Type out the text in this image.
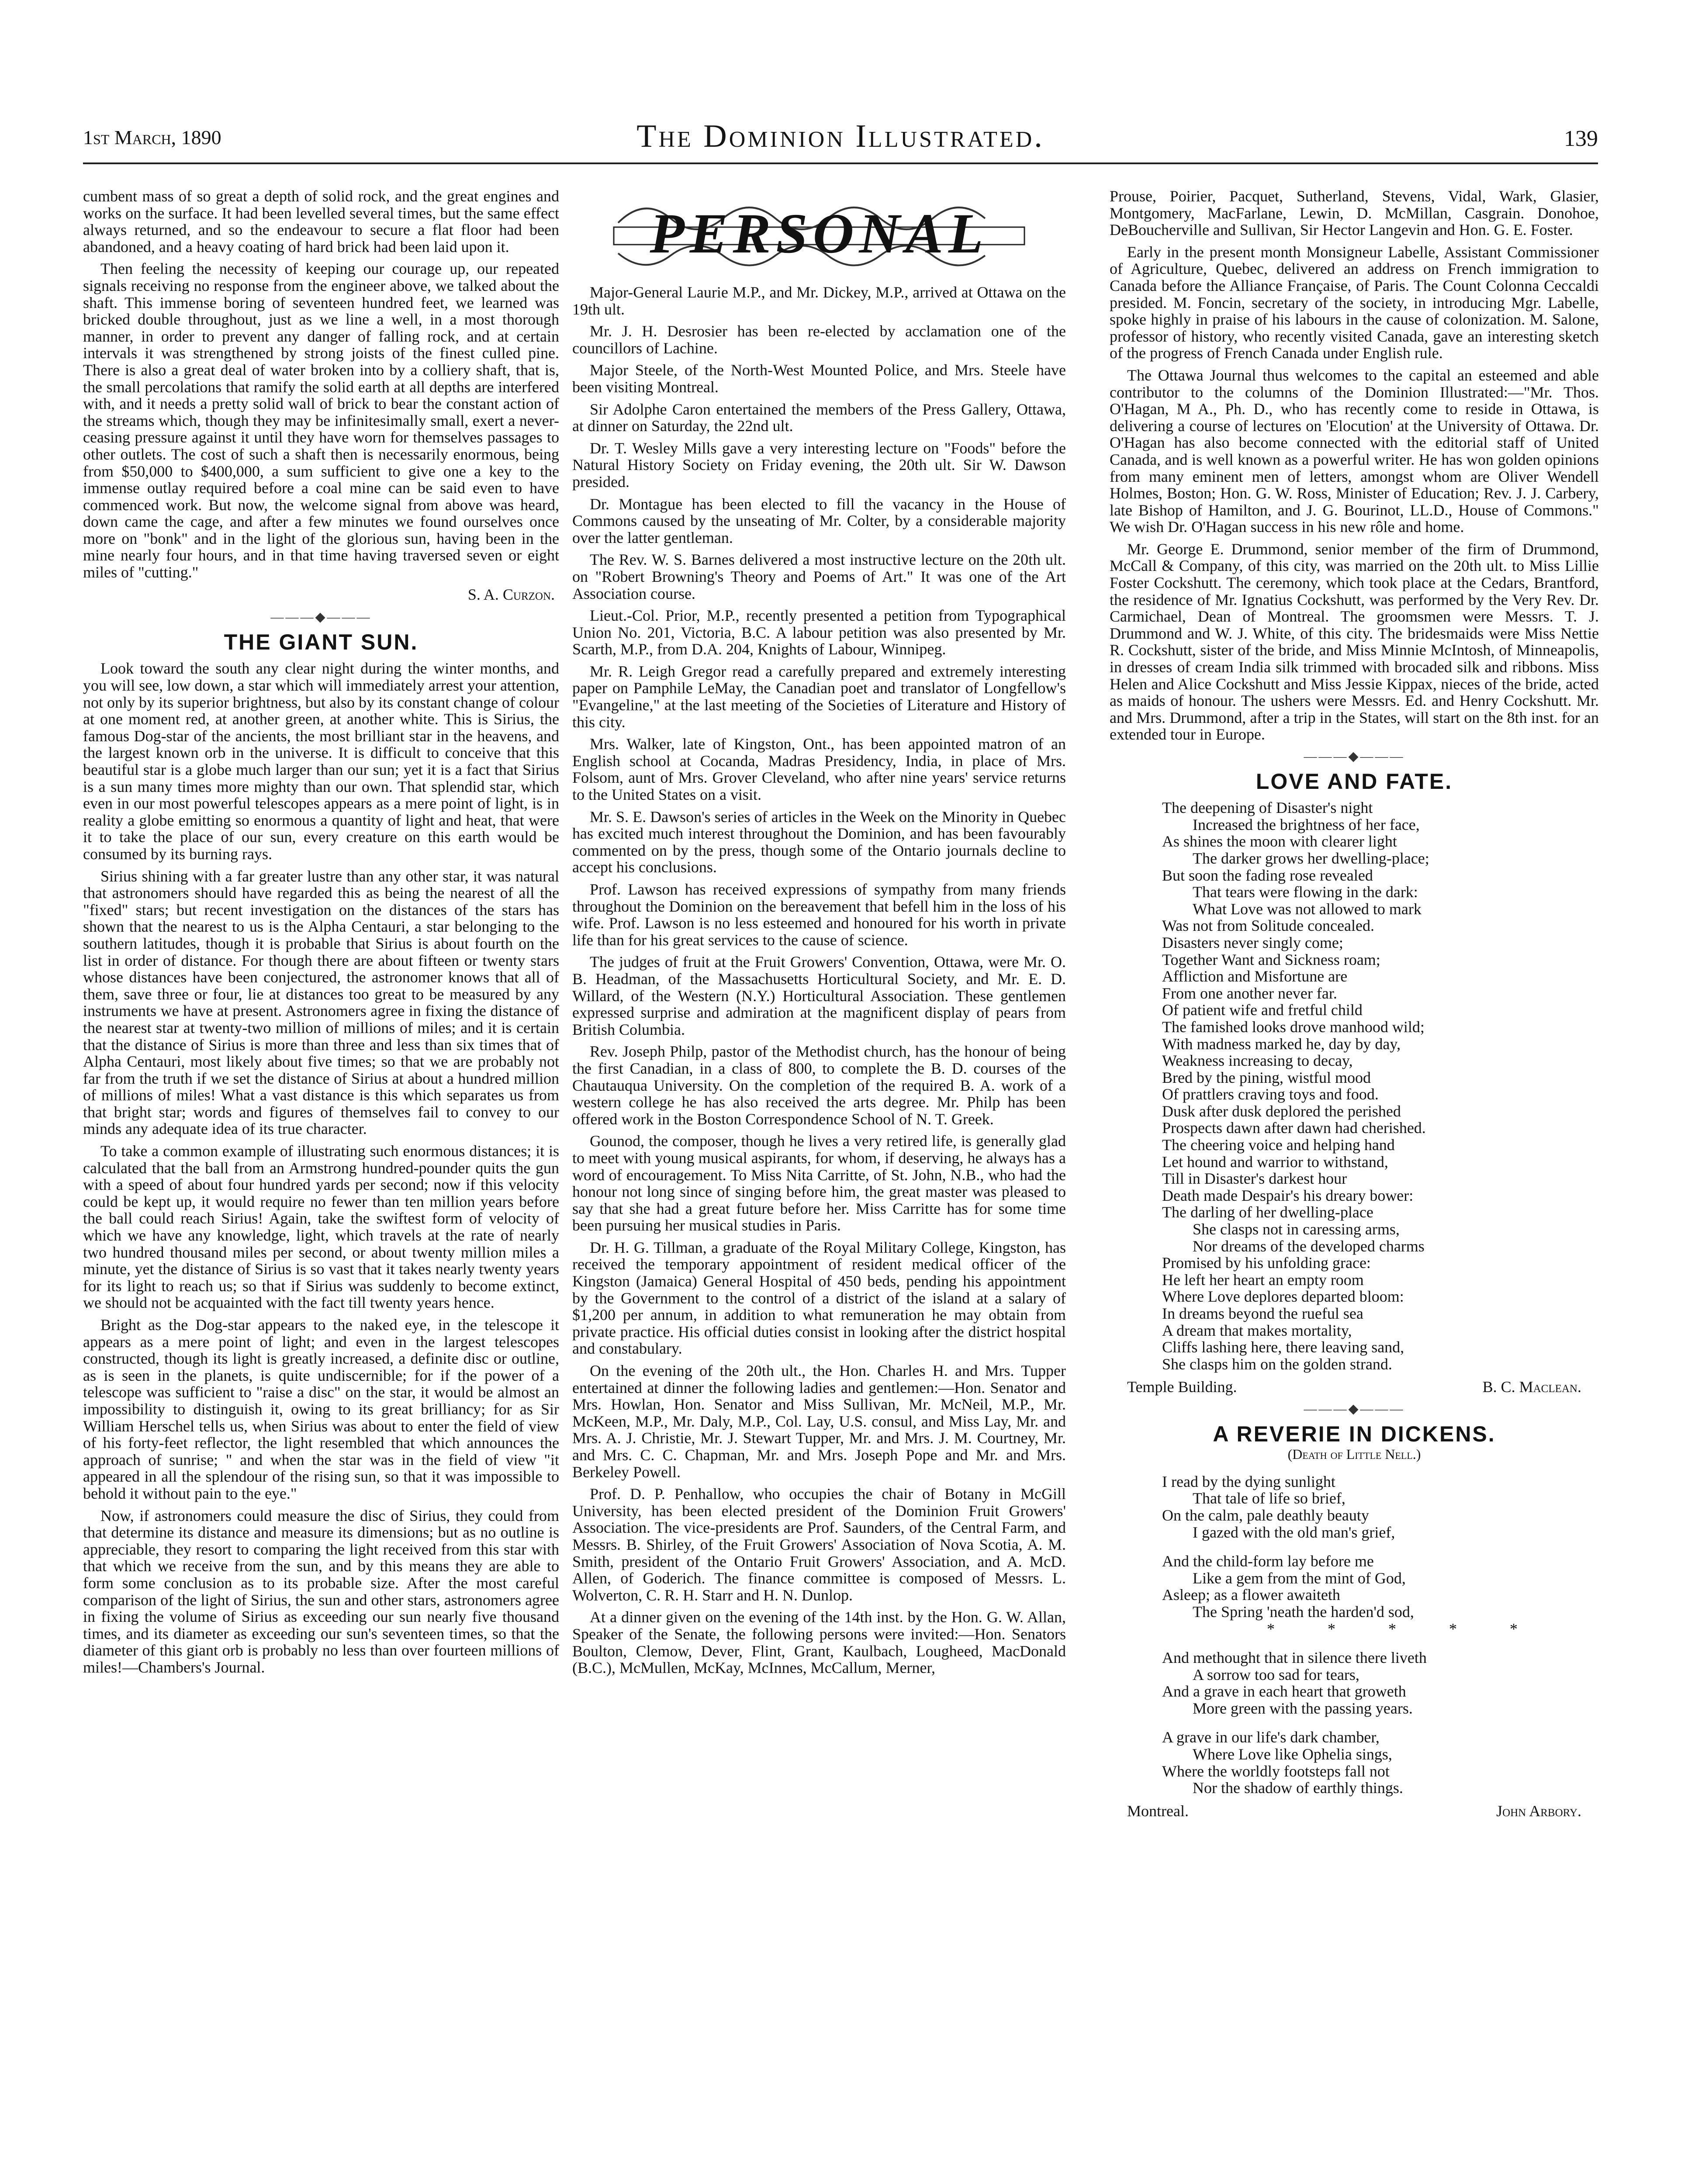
1st March, 1890	The Dominion Illustrated.	139

cumbent mass of so great a depth of solid rock, and the great engines and works on the surface. It had been levelled several times, but the same effect always returned, and so the endeavour to secure a flat floor had been abandoned, and a heavy coating of hard brick had been laid upon it.

Then feeling the necessity of keeping our courage up, our repeated signals receiving no response from the engineer above, we talked about the shaft. This immense boring of seventeen hundred feet, we learned was bricked double throughout, just as we line a well, in a most thorough manner, in order to prevent any danger of falling rock, and at certain intervals it was strengthened by strong joists of the finest culled pine. There is also a great deal of water broken into by a colliery shaft, that is, the small percolations that ramify the solid earth at all depths are interfered with, and it needs a pretty solid wall of brick to bear the constant action of the streams which, though they may be infinitesimally small, exert a never-ceasing pressure against it until they have worn for themselves passages to other outlets. The cost of such a shaft then is necessarily enormous, being from $50,000 to $400,000, a sum sufficient to give one a key to the immense outlay required before a coal mine can be said even to have commenced work. But now, the welcome signal from above was heard, down came the cage, and after a few minutes we found ourselves once more on "bonk" and in the light of the glorious sun, having been in the mine nearly four hours, and in that time having traversed seven or eight miles of "cutting."

S. A. Curzon.

———◆———
THE GIANT SUN.

Look toward the south any clear night during the winter months, and you will see, low down, a star which will immediately arrest your attention, not only by its superior brightness, but also by its constant change of colour at one moment red, at another green, at another white. This is Sirius, the famous Dog-star of the ancients, the most brilliant star in the heavens, and the largest known orb in the universe. It is difficult to conceive that this beautiful star is a globe much larger than our sun; yet it is a fact that Sirius is a sun many times more mighty than our own. That splendid star, which even in our most powerful telescopes appears as a mere point of light, is in reality a globe emitting so enormous a quantity of light and heat, that were it to take the place of our sun, every creature on this earth would be consumed by its burning rays.

Sirius shining with a far greater lustre than any other star, it was natural that astronomers should have regarded this as being the nearest of all the "fixed" stars; but recent investigation on the distances of the stars has shown that the nearest to us is the Alpha Centauri, a star belonging to the southern latitudes, though it is probable that Sirius is about fourth on the list in order of distance. For though there are about fifteen or twenty stars whose distances have been conjectured, the astronomer knows that all of them, save three or four, lie at distances too great to be measured by any instruments we have at present. Astronomers agree in fixing the distance of the nearest star at twenty-two million of millions of miles; and it is certain that the distance of Sirius is more than three and less than six times that of Alpha Centauri, most likely about five times; so that we are probably not far from the truth if we set the distance of Sirius at about a hundred million of millions of miles! What a vast distance is this which separates us from that bright star; words and figures of themselves fail to convey to our minds any adequate idea of its true character.

To take a common example of illustrating such enormous distances; it is calculated that the ball from an Armstrong hundred-pounder quits the gun with a speed of about four hundred yards per second; now if this velocity could be kept up, it would require no fewer than ten million years before the ball could reach Sirius! Again, take the swiftest form of velocity of which we have any knowledge, light, which travels at the rate of nearly two hundred thousand miles per second, or about twenty million miles a minute, yet the distance of Sirius is so vast that it takes nearly twenty years for its light to reach us; so that if Sirius was suddenly to become extinct, we should not be acquainted with the fact till twenty years hence.

Bright as the Dog-star appears to the naked eye, in the telescope it appears as a mere point of light; and even in the largest telescopes constructed, though its light is greatly increased, a definite disc or outline, as is seen in the planets, is quite undiscernible; for if the power of a telescope was sufficient to "raise a disc" on the star, it would be almost an impossibility to distinguish it, owing to its great brilliancy; for as Sir William Herschel tells us, when Sirius was about to enter the field of view of his forty-feet reflector, the light resembled that which announces the approach of sunrise; " and when the star was in the field of view "it appeared in all the splendour of the rising sun, so that it was impossible to behold it without pain to the eye."

Now, if astronomers could measure the disc of Sirius, they could from that determine its distance and measure its dimensions; but as no outline is appreciable, they resort to comparing the light received from this star with that which we receive from the sun, and by this means they are able to form some conclusion as to its probable size. After the most careful comparison of the light of Sirius, the sun and other stars, astronomers agree in fixing the volume of Sirius as exceeding our sun nearly five thousand times, and its diameter as exceeding our sun's seventeen times, so that the diameter of this giant orb is probably no less than over fourteen millions of miles!—Chambers's Journal.

PERSONAL

Major-General Laurie M.P., and Mr. Dickey, M.P., arrived at Ottawa on the 19th ult.

Mr. J. H. Desrosier has been re-elected by acclamation one of the councillors of Lachine.

Major Steele, of the North-West Mounted Police, and Mrs. Steele have been visiting Montreal.

Sir Adolphe Caron entertained the members of the Press Gallery, Ottawa, at dinner on Saturday, the 22nd ult.

Dr. T. Wesley Mills gave a very interesting lecture on "Foods" before the Natural History Society on Friday evening, the 20th ult. Sir W. Dawson presided.

Dr. Montague has been elected to fill the vacancy in the House of Commons caused by the unseating of Mr. Colter, by a considerable majority over the latter gentleman.

The Rev. W. S. Barnes delivered a most instructive lecture on the 20th ult. on "Robert Browning's Theory and Poems of Art." It was one of the Art Association course.

Lieut.-Col. Prior, M.P., recently presented a petition from Typographical Union No. 201, Victoria, B.C. A labour petition was also presented by Mr. Scarth, M.P., from D.A. 204, Knights of Labour, Winnipeg.

Mr. R. Leigh Gregor read a carefully prepared and extremely interesting paper on Pamphile LeMay, the Canadian poet and translator of Longfellow's "Evangeline," at the last meeting of the Societies of Literature and History of this city.

Mrs. Walker, late of Kingston, Ont., has been appointed matron of an English school at Cocanda, Madras Presidency, India, in place of Mrs. Folsom, aunt of Mrs. Grover Cleveland, who after nine years' service returns to the United States on a visit.

Mr. S. E. Dawson's series of articles in the Week on the Minority in Quebec has excited much interest throughout the Dominion, and has been favourably commented on by the press, though some of the Ontario journals decline to accept his conclusions.

Prof. Lawson has received expressions of sympathy from many friends throughout the Dominion on the bereavement that befell him in the loss of his wife. Prof. Lawson is no less esteemed and honoured for his worth in private life than for his great services to the cause of science.

The judges of fruit at the Fruit Growers' Convention, Ottawa, were Mr. O. B. Headman, of the Massachusetts Horticultural Society, and Mr. E. D. Willard, of the Western (N.Y.) Horticultural Association. These gentlemen expressed surprise and admiration at the magnificent display of pears from British Columbia.

Rev. Joseph Philp, pastor of the Methodist church, has the honour of being the first Canadian, in a class of 800, to complete the B. D. courses of the Chautauqua University. On the completion of the required B. A. work of a western college he has also received the arts degree. Mr. Philp has been offered work in the Boston Correspondence School of N. T. Greek.

Gounod, the composer, though he lives a very retired life, is generally glad to meet with young musical aspirants, for whom, if deserving, he always has a word of encouragement. To Miss Nita Carritte, of St. John, N.B., who had the honour not long since of singing before him, the great master was pleased to say that she had a great future before her. Miss Carritte has for some time been pursuing her musical studies in Paris.

Dr. H. G. Tillman, a graduate of the Royal Military College, Kingston, has received the temporary appointment of resident medical officer of the Kingston (Jamaica) General Hospital of 450 beds, pending his appointment by the Government to the control of a district of the island at a salary of $1,200 per annum, in addition to what remuneration he may obtain from private practice. His official duties consist in looking after the district hospital and constabulary.

On the evening of the 20th ult., the Hon. Charles H. and Mrs. Tupper entertained at dinner the following ladies and gentlemen:—Hon. Senator and Mrs. Howlan, Hon. Senator and Miss Sullivan, Mr. McNeil, M.P., Mr. McKeen, M.P., Mr. Daly, M.P., Col. Lay, U.S. consul, and Miss Lay, Mr. and Mrs. A. J. Christie, Mr. J. Stewart Tupper, Mr. and Mrs. J. M. Courtney, Mr. and Mrs. C. C. Chapman, Mr. and Mrs. Joseph Pope and Mr. and Mrs. Berkeley Powell.

Prof. D. P. Penhallow, who occupies the chair of Botany in McGill University, has been elected president of the Dominion Fruit Growers' Association. The vice-presidents are Prof. Saunders, of the Central Farm, and Messrs. B. Shirley, of the Fruit Growers' Association of Nova Scotia, A. M. Smith, president of the Ontario Fruit Growers' Association, and A. McD. Allen, of Goderich. The finance committee is composed of Messrs. L. Wolverton, C. R. H. Starr and H. N. Dunlop.

At a dinner given on the evening of the 14th inst. by the Hon. G. W. Allan, Speaker of the Senate, the following persons were invited:—Hon. Senators Boulton, Clemow, Dever, Flint, Grant, Kaulbach, Lougheed, MacDonald (B.C.), McMullen, McKay, McInnes, McCallum, Merner,

Prouse, Poirier, Pacquet, Sutherland, Stevens, Vidal, Wark, Glasier, Montgomery, MacFarlane, Lewin, D. McMillan, Casgrain. Donohoe, DeBoucherville and Sullivan, Sir Hector Langevin and Hon. G. E. Foster.

Early in the present month Monsigneur Labelle, Assistant Commissioner of Agriculture, Quebec, delivered an address on French immigration to Canada before the Alliance Française, of Paris. The Count Colonna Ceccaldi presided. M. Foncin, secretary of the society, in introducing Mgr. Labelle, spoke highly in praise of his labours in the cause of colonization. M. Salone, professor of history, who recently visited Canada, gave an interesting sketch of the progress of French Canada under English rule.

The Ottawa Journal thus welcomes to the capital an esteemed and able contributor to the columns of the Dominion Illustrated:—"Mr. Thos. O'Hagan, M A., Ph. D., who has recently come to reside in Ottawa, is delivering a course of lectures on 'Elocution' at the University of Ottawa. Dr. O'Hagan has also become connected with the editorial staff of United Canada, and is well known as a powerful writer. He has won golden opinions from many eminent men of letters, amongst whom are Oliver Wendell Holmes, Boston; Hon. G. W. Ross, Minister of Education; Rev. J. J. Carbery, late Bishop of Hamilton, and J. G. Bourinot, LL.D., House of Commons." We wish Dr. O'Hagan success in his new rôle and home.

Mr. George E. Drummond, senior member of the firm of Drummond, McCall & Company, of this city, was married on the 20th ult. to Miss Lillie Foster Cockshutt. The ceremony, which took place at the Cedars, Brantford, the residence of Mr. Ignatius Cockshutt, was performed by the Very Rev. Dr. Carmichael, Dean of Montreal. The groomsmen were Messrs. T. J. Drummond and W. J. White, of this city. The bridesmaids were Miss Nettie R. Cockshutt, sister of the bride, and Miss Minnie McIntosh, of Minneapolis, in dresses of cream India silk trimmed with brocaded silk and ribbons. Miss Helen and Alice Cockshutt and Miss Jessie Kippax, nieces of the bride, acted as maids of honour. The ushers were Messrs. Ed. and Henry Cockshutt. Mr. and Mrs. Drummond, after a trip in the States, will start on the 8th inst. for an extended tour in Europe.

———◆———
LOVE AND FATE.
The deepening of Disaster's night
Increased the brightness of her face,
As shines the moon with clearer light
The darker grows her dwelling-place;
But soon the fading rose revealed
That tears were flowing in the dark:
What Love was not allowed to mark
Was not from Solitude concealed.
Disasters never singly come;
Together Want and Sickness roam;
Affliction and Misfortune are
From one another never far.
Of patient wife and fretful child
The famished looks drove manhood wild;
With madness marked he, day by day,
Weakness increasing to decay,
Bred by the pining, wistful mood
Of prattlers craving toys and food.
Dusk after dusk deplored the perished
Prospects dawn after dawn had cherished.
The cheering voice and helping hand
Let hound and warrior to withstand,
Till in Disaster's darkest hour
Death made Despair's his dreary bower:
The darling of her dwelling-place
She clasps not in caressing arms,
Nor dreams of the developed charms
Promised by his unfolding grace:
He left her heart an empty room
Where Love deplores departed bloom:
In dreams beyond the rueful sea
A dream that makes mortality,
Cliffs lashing here, there leaving sand,
She clasps him on the golden strand.
Temple Building.	B. C. Maclean.
———◆———
A REVERIE IN DICKENS.
(Death of Little Nell.)
I read by the dying sunlight
That tale of life so brief,
On the calm, pale deathly beauty
I gazed with the old man's grief,
And the child-form lay before me
Like a gem from the mint of God,
Asleep; as a flower awaiteth
The Spring 'neath the harden'd sod,
* * * * *
And methought that in silence there liveth
A sorrow too sad for tears,
And a grave in each heart that groweth
More green with the passing years.
A grave in our life's dark chamber,
Where Love like Ophelia sings,
Where the worldly footsteps fall not
Nor the shadow of earthly things.
Montreal.	John Arbory.
